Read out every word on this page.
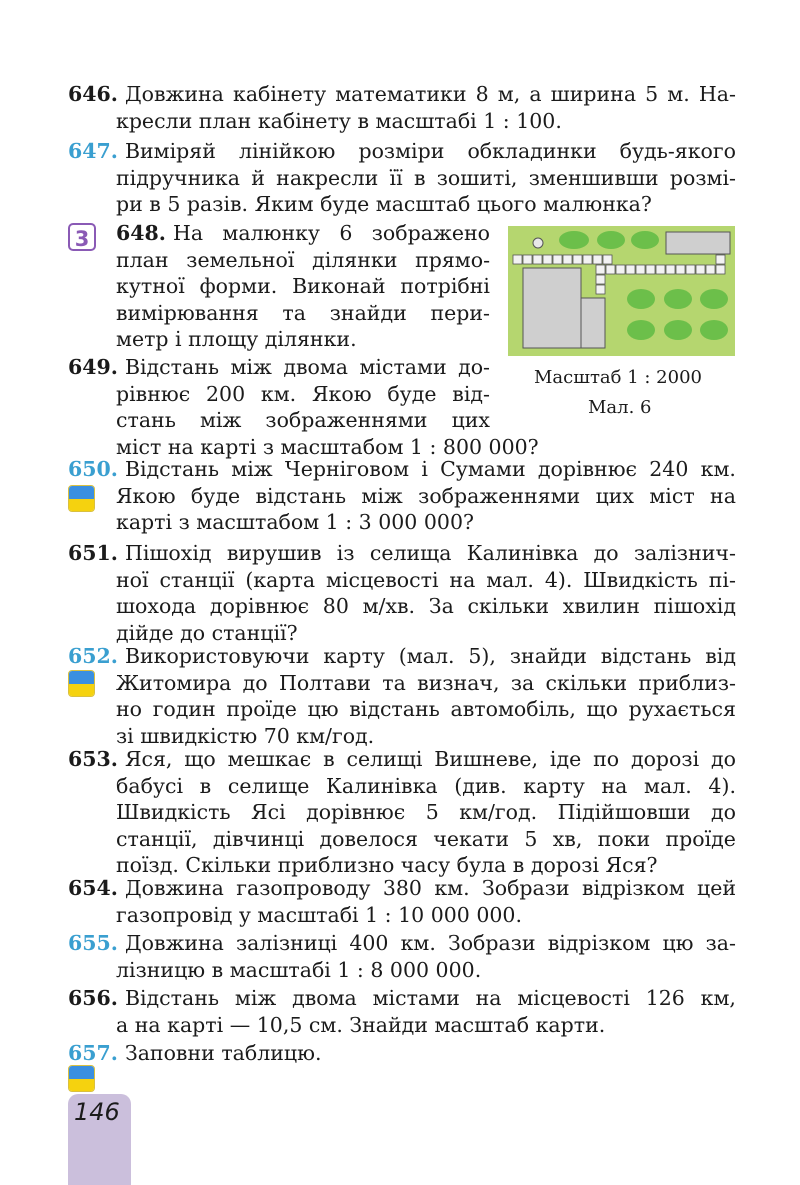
646. Довжина кабінету математики 8 м, а ширина 5 м. На-
кресли план кабінету в масштабі 1 : 100.
647. Виміряй лінійкою розміри обкладинки будь-якого
підручника й накресли її в зошиті, зменшивши розмі-
ри в 5 разів. Яким буде масштаб цього малюнка?
3	648. На малюнку 6 зображено
план земельної ділянки прямо-
кутної форми. Виконай потрібні
вимірювання та знайди пери-
метр і площу ділянки.
Масштаб 1 : 2000
Мал. 6
649. Відстань між двома містами до-
рівнює 200 км. Якою буде від-
стань між зображеннями цих
міст на карті з масштабом 1 : 800 000?
650. Відстань між Черніговом і Сумами дорівнює 240 км.
Якою буде відстань між зображеннями цих міст на
карті з масштабом 1 : 3 000 000?
651. Пішохід вирушив із селища Калинівка до залізнич-
ної станції (карта місцевості на мал. 4). Швидкість пі-
шохода дорівнює 80 м/хв. За скільки хвилин пішохід
дійде до станції?
652. Використовуючи карту (мал. 5), знайди відстань від
Житомира до Полтави та визнач, за скільки приблиз-
но годин проїде цю відстань автомобіль, що рухається
зі швидкістю 70 км/год.
653. Яся, що мешкає в селищі Вишневе, іде по дорозі до
бабусі в селище Калинівка (див. карту на мал. 4).
Швидкість Ясі дорівнює 5 км/год. Підійшовши до
станції, дівчинці довелося чекати 5 хв, поки проїде
поїзд. Скільки приблизно часу була в дорозі Яся?
654. Довжина газопроводу 380 км. Зобрази відрізком цей
газопровід у масштабі 1 : 10 000 000.
655. Довжина залізниці 400 км. Зобрази відрізком цю за-
лізницю в масштабі 1 : 8 000 000.
656. Відстань між двома містами на місцевості 126 км,
а на карті — 10,5 см. Знайди масштаб карти.
657. Заповни таблицю.
146
